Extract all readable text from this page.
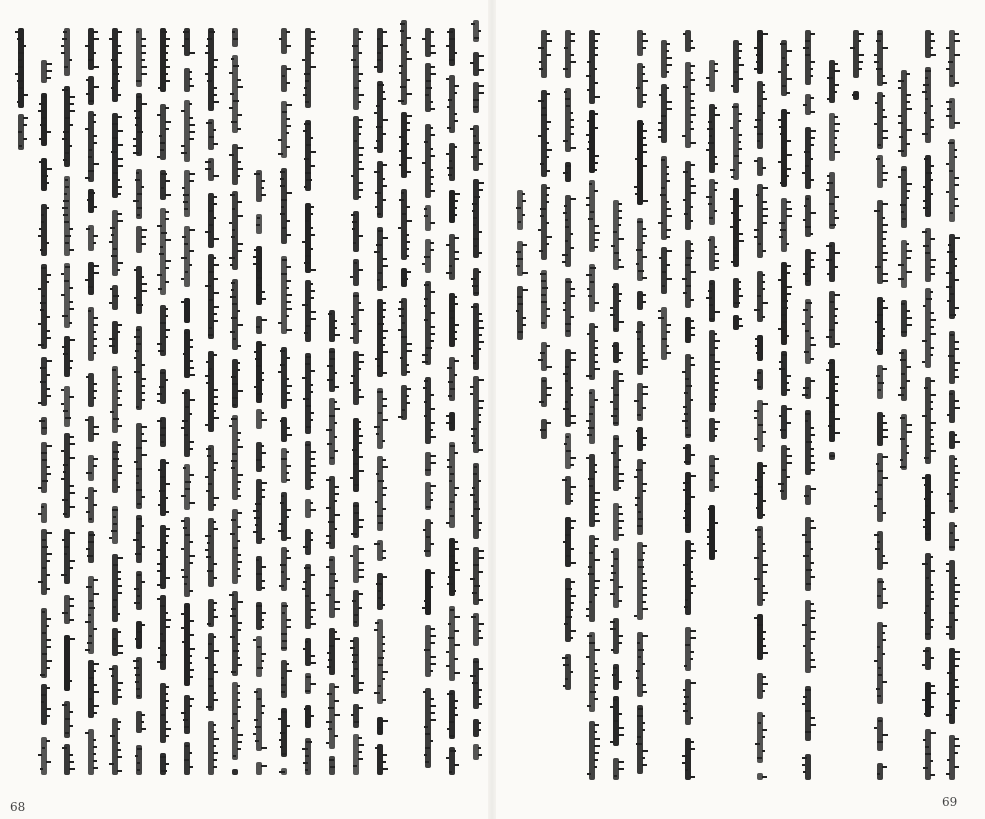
68	69
